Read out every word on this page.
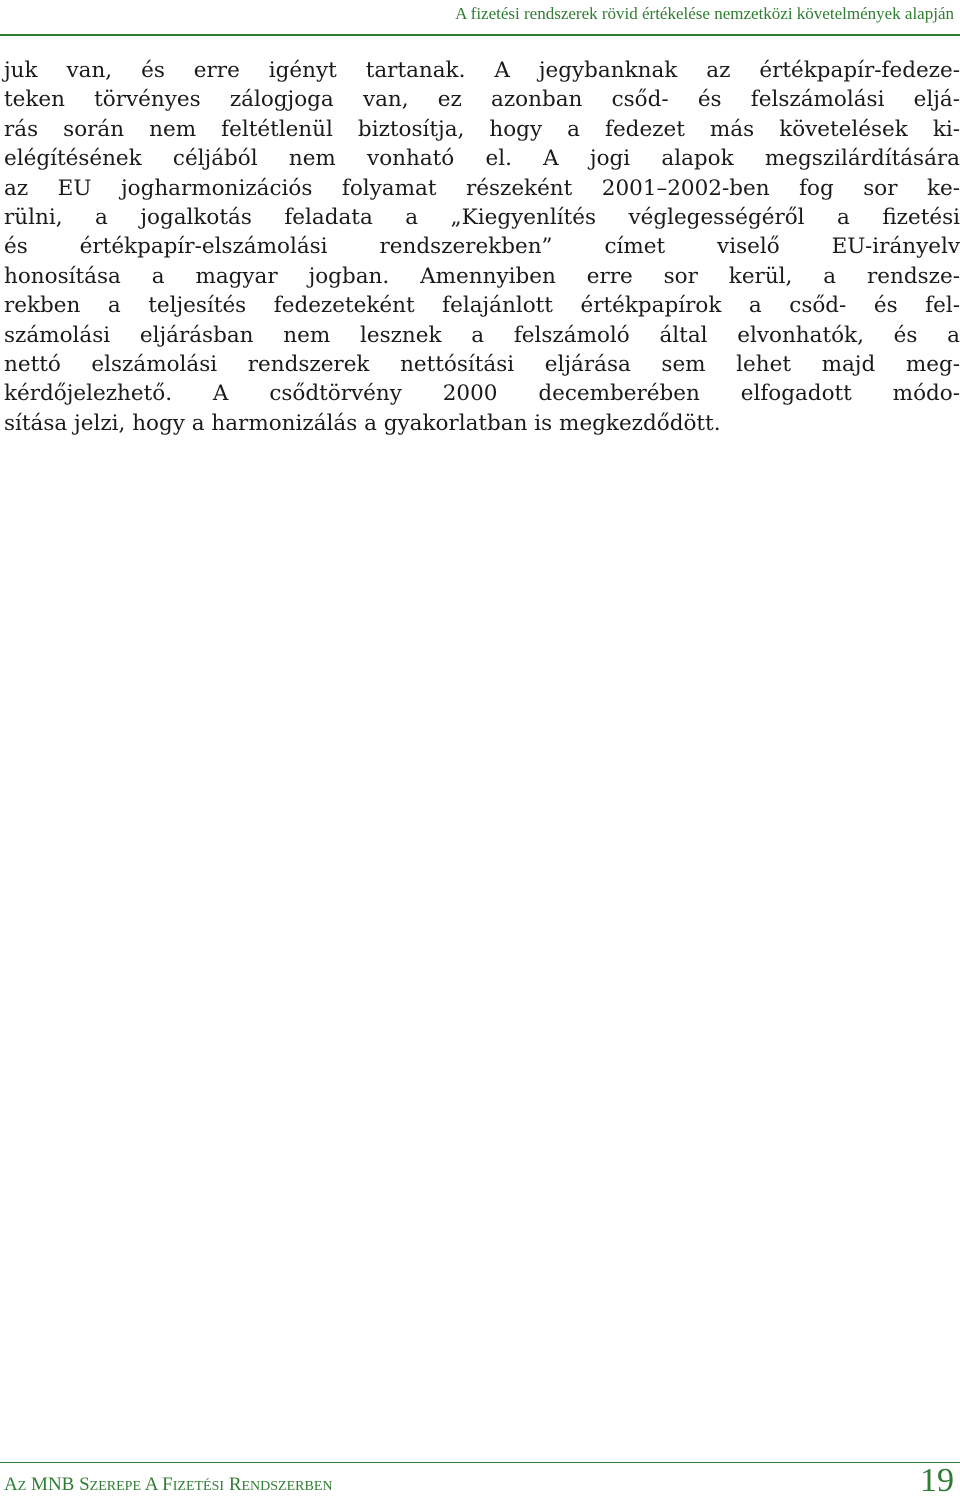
A fizetési rendszerek rövid értékelése nemzetközi követelmények alapján
juk van, és erre igényt tartanak. A jegybanknak az értékpapír-fedeze-
teken törvényes zálogjoga van, ez azonban csőd- és felszámolási eljá-
rás során nem feltétlenül biztosítja, hogy a fedezet más követelések ki-
elégítésének céljából nem vonható el. A jogi alapok megszilárdítására
az EU jogharmonizációs folyamat részeként 2001–2002-ben fog sor ke-
rülni, a jogalkotás feladata a „Kiegyenlítés véglegességéről a fizetési
és értékpapír-elszámolási rendszerekben” címet viselő EU-irányelv
honosítása a magyar jogban. Amennyiben erre sor kerül, a rendsze-
rekben a teljesítés fedezeteként felajánlott értékpapírok a csőd- és fel-
számolási eljárásban nem lesznek a felszámoló által elvonhatók, és a
nettó elszámolási rendszerek nettósítási eljárása sem lehet majd meg-
kérdőjelezhető. A csődtörvény 2000 decemberében elfogadott módo-
sítása jelzi, hogy a harmonizálás a gyakorlatban is megkezdődött.
AZ MNB SZEREPE A FIZETÉSI RENDSZERBEN	19
